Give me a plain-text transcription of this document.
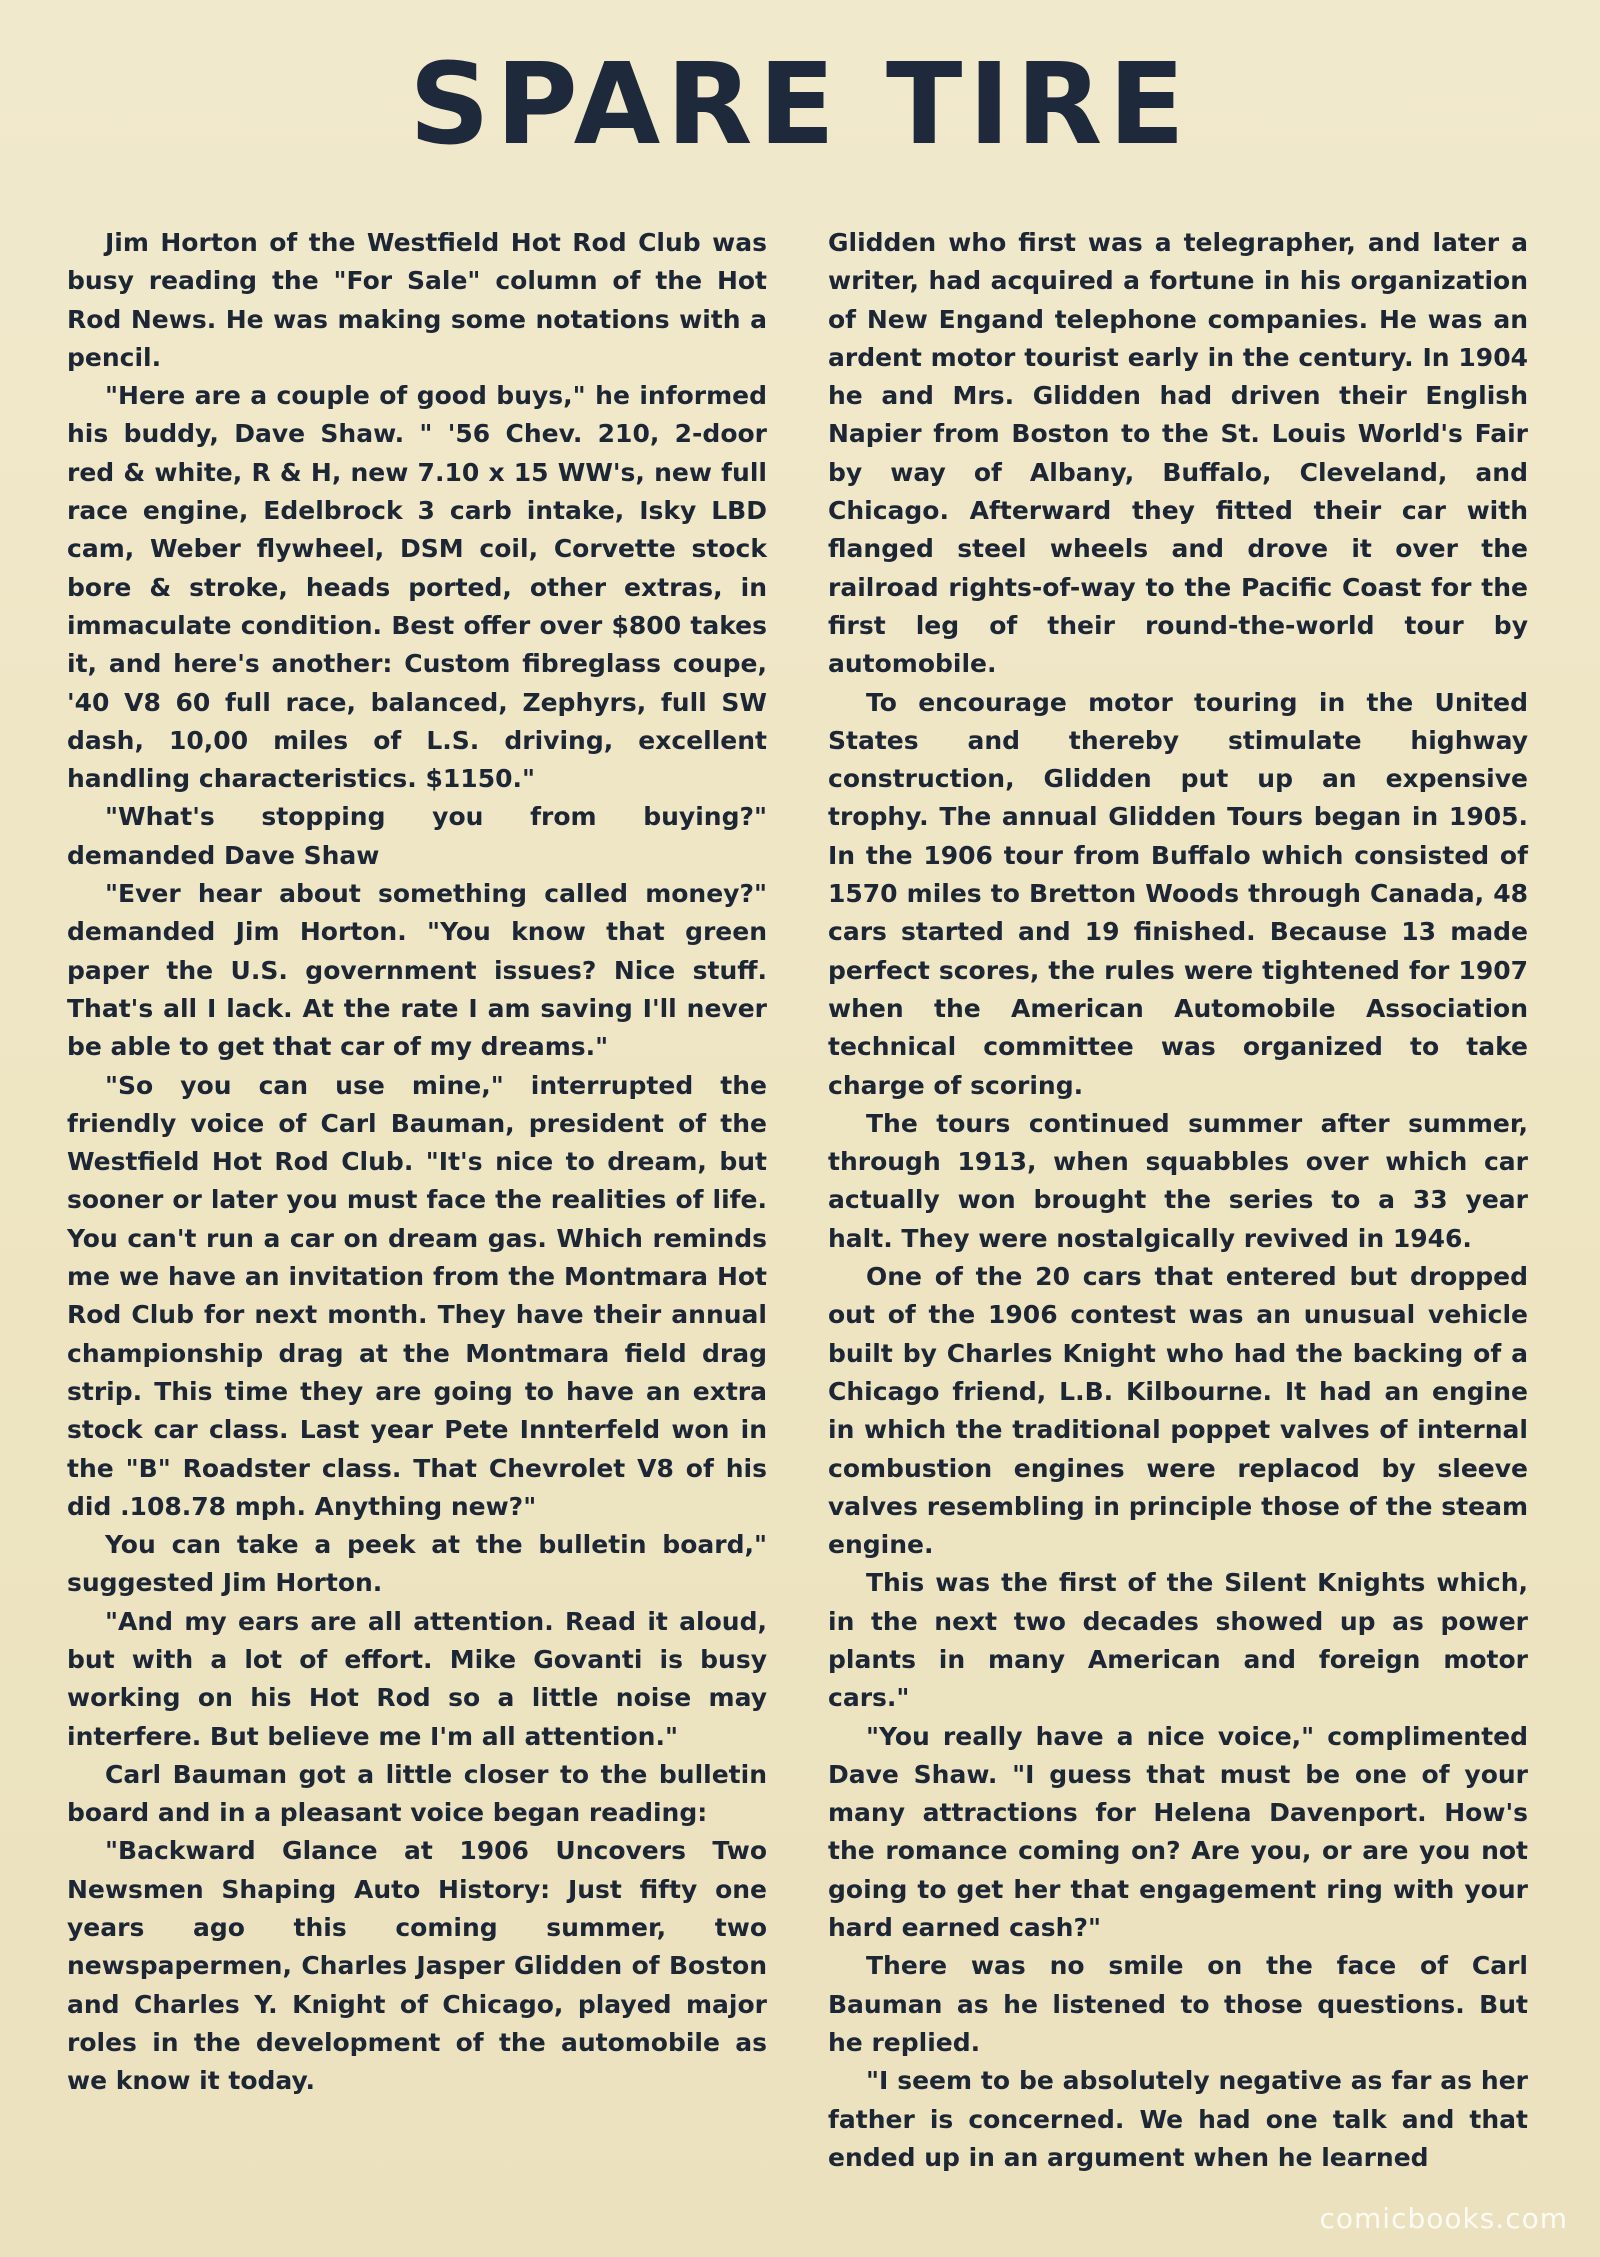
SPARE TIRE

Jim Horton of the Westfield Hot Rod Club was busy reading the "For Sale" column of the Hot Rod News. He was making some notations with a pencil.

"Here are a couple of good buys," he informed his buddy, Dave Shaw. " '56 Chev. 210, 2-door red & white, R & H, new 7.10 x 15 WW's, new full race engine, Edelbrock 3 carb intake, Isky LBD cam, Weber flywheel, DSM coil, Corvette stock bore & stroke, heads ported, other extras, in immaculate condition. Best offer over $800 takes it, and here's another: Custom fibreglass coupe, '40 V8 60 full race, balanced, Zephyrs, full SW dash, 10,00 miles of L.S. driving, excellent handling characteristics. $1150."

"What's stopping you from buying?" demanded Dave Shaw

"Ever hear about something called money?" demanded Jim Horton. "You know that green paper the U.S. government issues? Nice stuff. That's all I lack. At the rate I am saving I'll never be able to get that car of my dreams."

"So you can use mine," interrupted the friendly voice of Carl Bauman, president of the Westfield Hot Rod Club. "It's nice to dream, but sooner or later you must face the realities of life. You can't run a car on dream gas. Which reminds me we have an invitation from the Montmara Hot Rod Club for next month. They have their annual championship drag at the Montmara field drag strip. This time they are going to have an extra stock car class. Last year Pete Innterfeld won in the "B" Roadster class. That Chevrolet V8 of his did .108.78 mph. Anything new?"

You can take a peek at the bulletin board," suggested Jim Horton.

"And my ears are all attention. Read it aloud, but with a lot of effort. Mike Govanti is busy working on his Hot Rod so a little noise may interfere. But believe me I'm all attention."

Carl Bauman got a little closer to the bulletin board and in a pleasant voice began reading:

"Backward Glance at 1906 Uncovers Two Newsmen Shaping Auto History: Just fifty one years ago this coming summer, two newspapermen, Charles Jasper Glidden of Boston and Charles Y. Knight of Chicago, played major roles in the development of the automobile as we know it today.

Glidden who first was a telegrapher, and later a writer, had acquired a fortune in his organization of New Engand telephone companies. He was an ardent motor tourist early in the century. In 1904 he and Mrs. Glidden had driven their English Napier from Boston to the St. Louis World's Fair by way of Albany, Buffalo, Cleveland, and Chicago. Afterward they fitted their car with flanged steel wheels and drove it over the railroad rights-of-way to the Pacific Coast for the first leg of their round-the-world tour by automobile.

To encourage motor touring in the United States and thereby stimulate highway construction, Glidden put up an expensive trophy. The annual Glidden Tours began in 1905. In the 1906 tour from Buffalo which consisted of 1570 miles to Bretton Woods through Canada, 48 cars started and 19 finished. Because 13 made perfect scores, the rules were tightened for 1907 when the American Automobile Association technical committee was organized to take charge of scoring.

The tours continued summer after summer, through 1913, when squabbles over which car actually won brought the series to a 33 year halt. They were nostalgically revived in 1946.

One of the 20 cars that entered but dropped out of the 1906 contest was an unusual vehicle built by Charles Knight who had the backing of a Chicago friend, L.B. Kilbourne. It had an engine in which the traditional poppet valves of internal combustion engines were replacod by sleeve valves resembling in principle those of the steam engine.

This was the first of the Silent Knights which, in the next two decades showed up as power plants in many American and foreign motor cars."

"You really have a nice voice," complimented Dave Shaw. "I guess that must be one of your many attractions for Helena Davenport. How's the romance coming on? Are you, or are you not going to get her that engagement ring with your hard earned cash?"

There was no smile on the face of Carl Bauman as he listened to those questions. But he replied.

"I seem to be absolutely negative as far as her father is concerned. We had one talk and that ended up in an argument when he learned

comicbooks.com
